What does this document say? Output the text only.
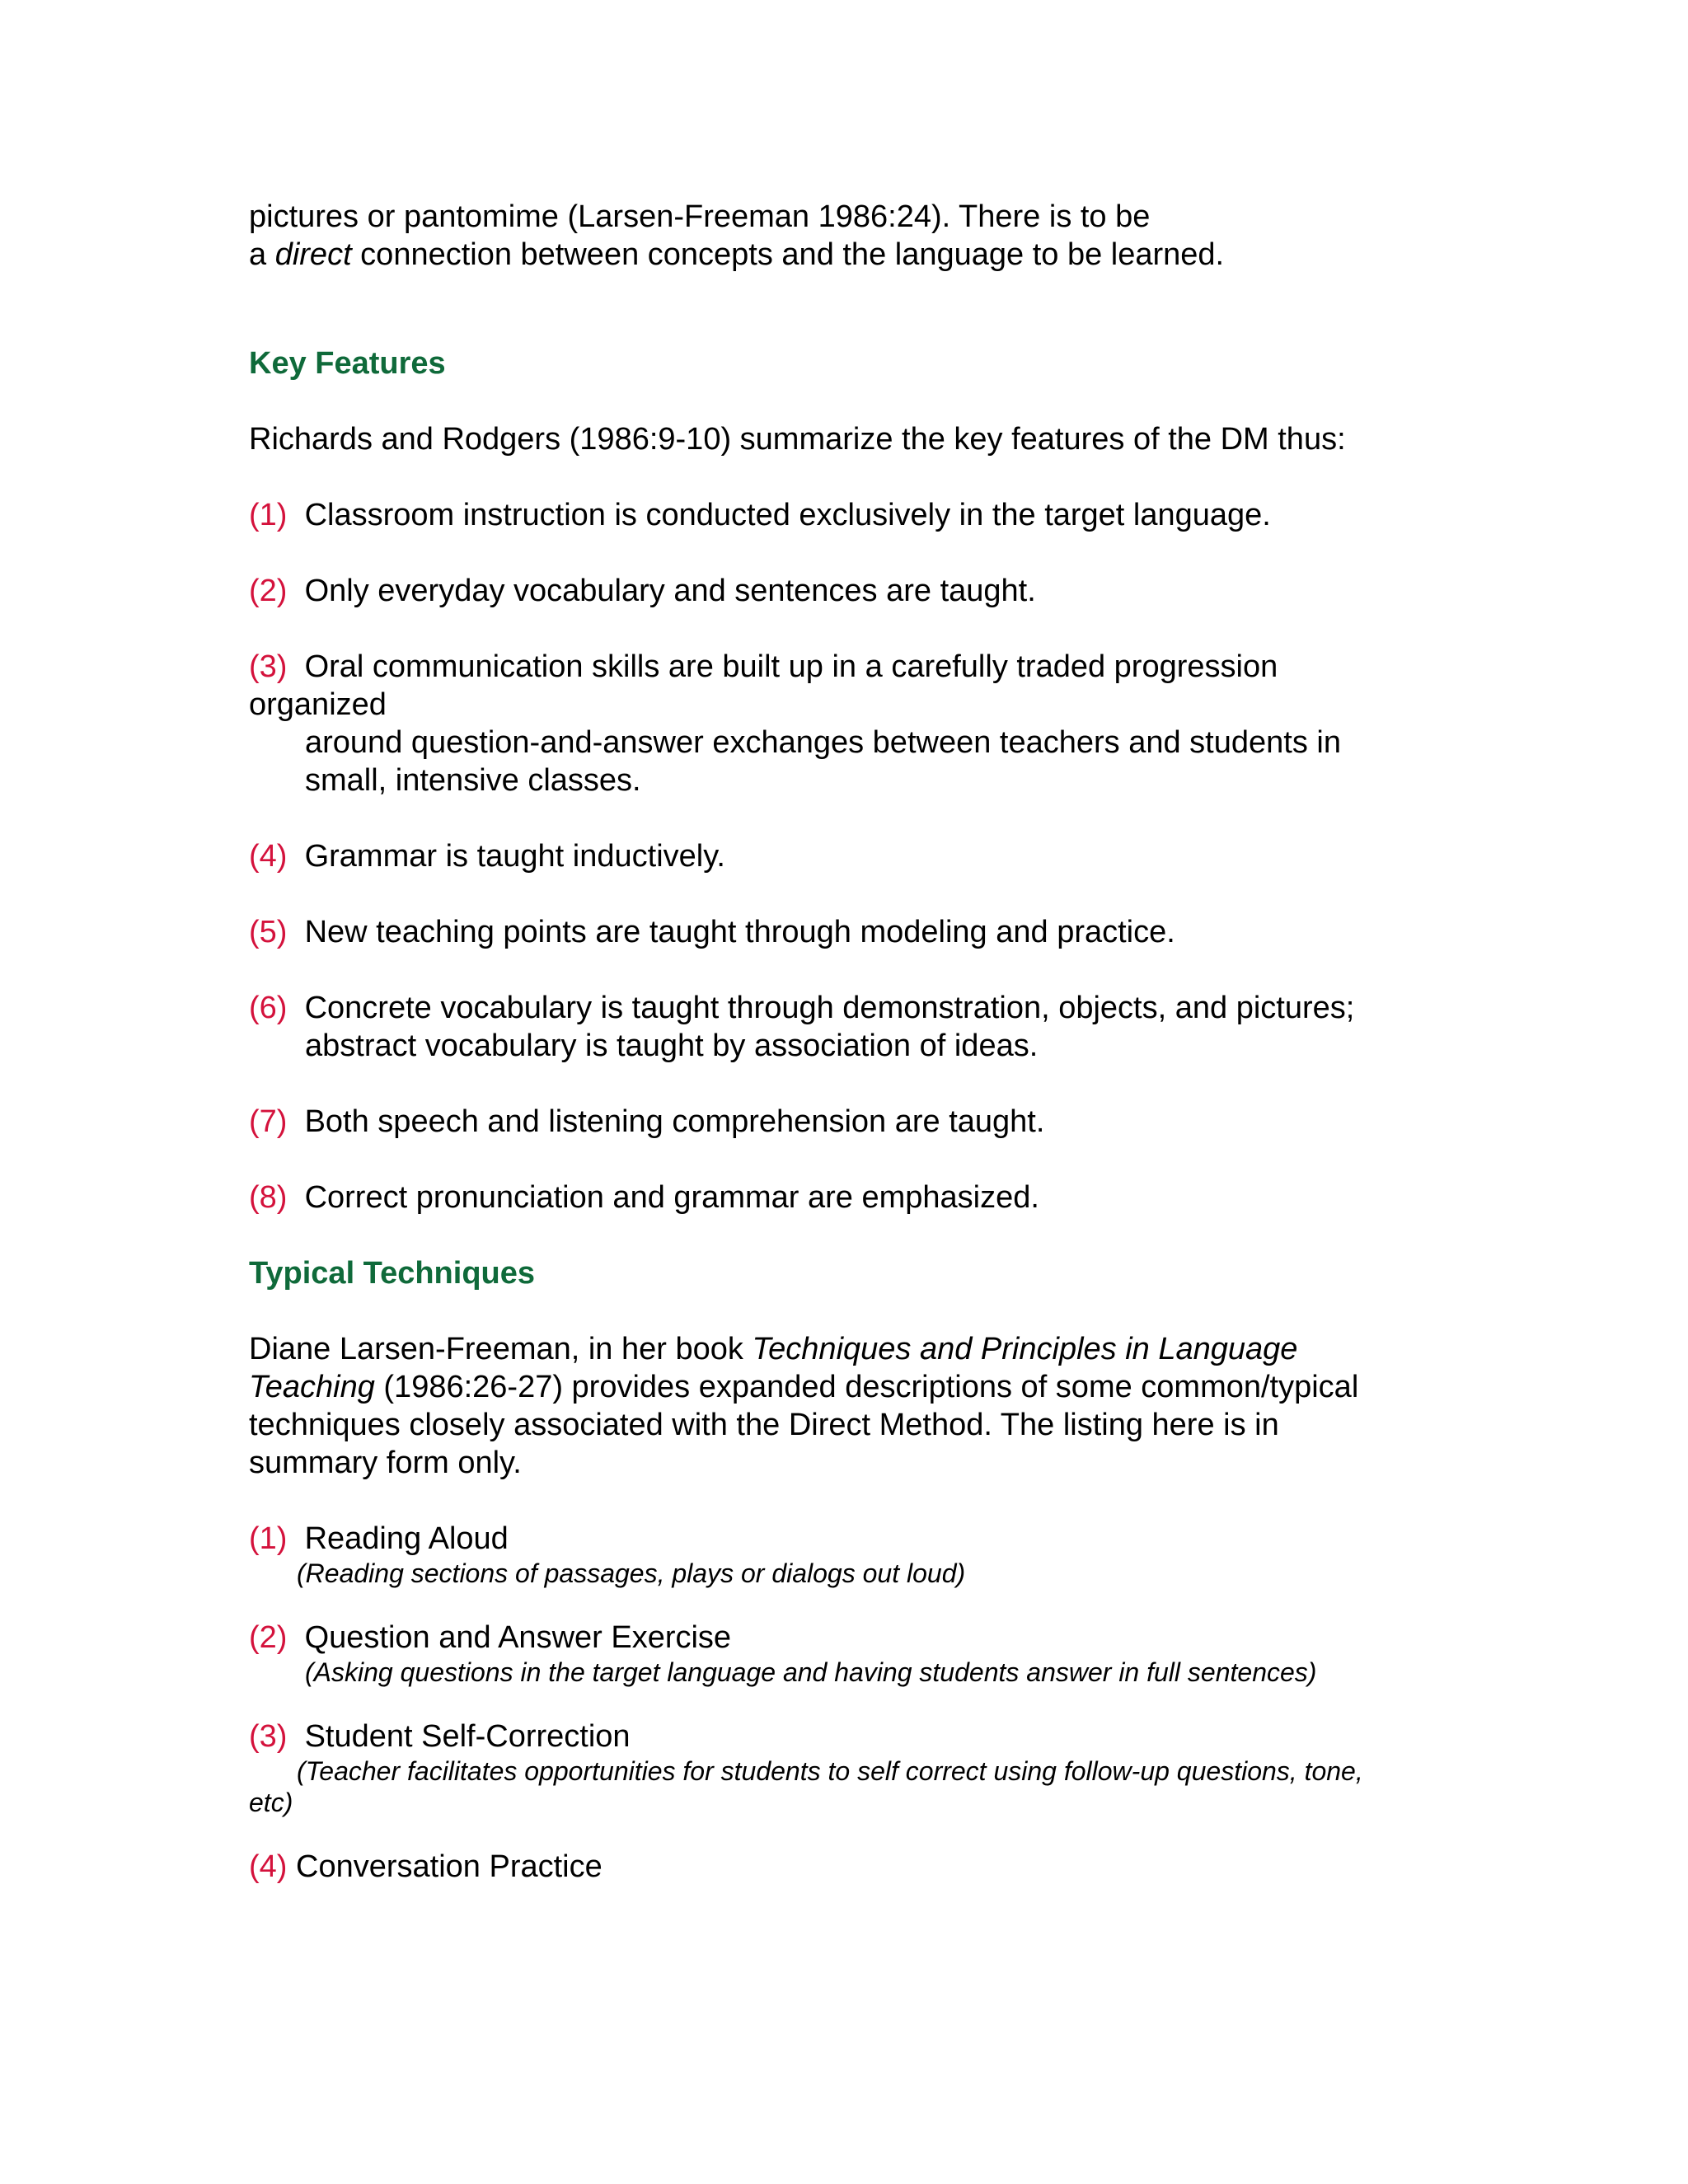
pictures or pantomime (Larsen-Freeman 1986:24). There is to be

a direct connection between concepts and the language to be learned.

Key Features

Richards and Rodgers (1986:9-10) summarize the key features of the DM thus:

(1) Classroom instruction is conducted exclusively in the target language.
(2) Only everyday vocabulary and sentences are taught.

(3) Oral communication skills are built up in a carefully traded progression

organized

around question-and-answer exchanges between teachers and students in

small, intensive classes.

(4) Grammar is taught inductively.
(5) New teaching points are taught through modeling and practice.

(6) Concrete vocabulary is taught through demonstration, objects, and pictures;

abstract vocabulary is taught by association of ideas.

(7) Both speech and listening comprehension are taught.
(8) Correct pronunciation and grammar are emphasized.
Typical Techniques

Diane Larsen-Freeman, in her book Techniques and Principles in Language

Teaching (1986:26-27) provides expanded descriptions of some common/typical

techniques closely associated with the Direct Method. The listing here is in

summary form only.

(1) Reading Aloud

(Reading sections of passages, plays or dialogs out loud)

(2) Question and Answer Exercise

(Asking questions in the target language and having students answer in full sentences)

(3) Student Self-Correction

(Teacher facilitates opportunities for students to self correct using follow-up questions, tone,

etc)

(4) Conversation Practice
